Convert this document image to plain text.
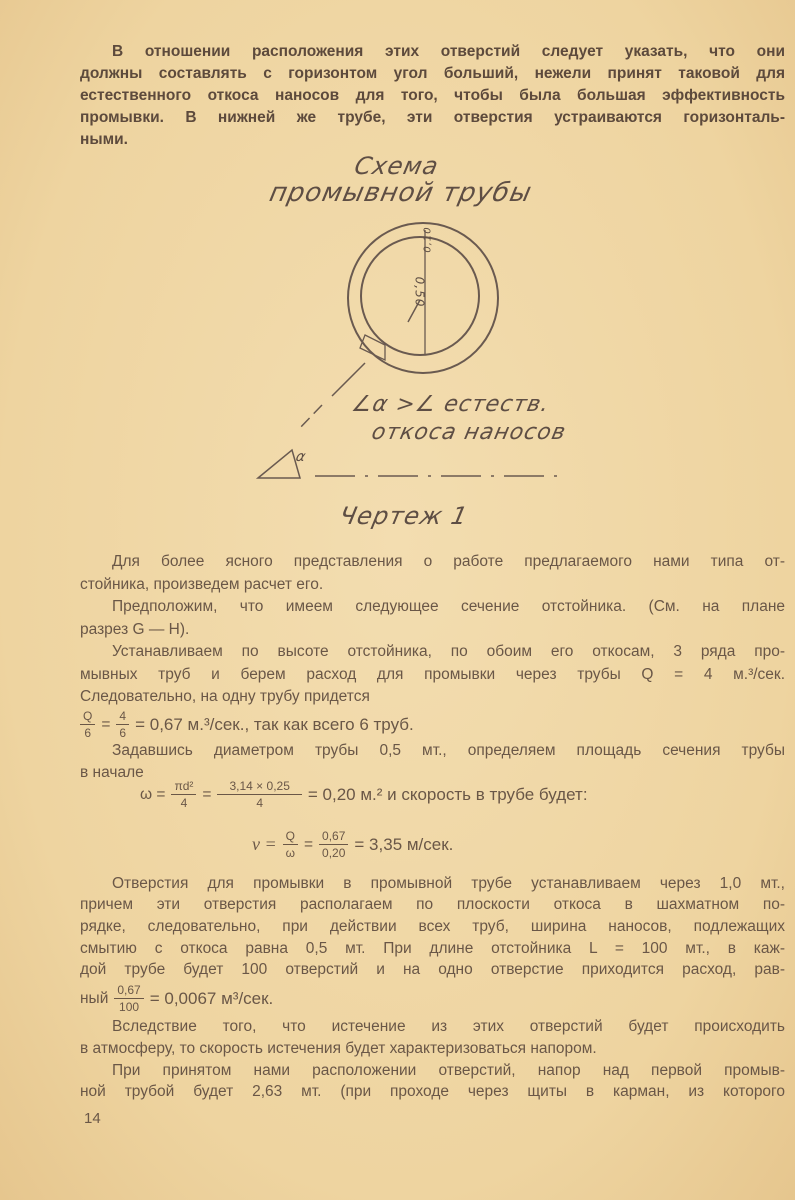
В отношении расположения этих отверстий следует указать, что они
должны составлять с горизонтом угол больший, нежели принят таковой для
естественного откоса наносов для того, чтобы была большая эффективность
промывки. В нижней же трубе, эти отверстия устраиваются горизонталь-
ными.
Схема
промывной трубы
0,10
0,50
∠α >∠ естеств.
откоса наносов
α
Чертеж 1
Для более ясного представления о работе предлагаемого нами типа от-
стойника, произведем расчет его.
Предположим, что имеем следующее сечение отстойника. (См. на плане
разрез G — H).
Устанавливаем по высоте отстойника, по обоим его откосам, 3 ряда про-
мывных труб и берем расход для промывки через трубы Q = 4 м.³/сек.
Следовательно, на одну трубу придется
$\frac{Q}{6} = \frac{4}{6} = 0,67$ м.³/сек., так как всего 6 труб.
Задавшись диаметром трубы 0,5 мт., определяем площадь сечения трубы
в начале
$\omega = \frac{\text{πd²}}{4} = \frac{3,14 \times 0,25}{4} = 0,20$ м.² и скорость в трубе будет:
$v = \frac{Q}{\omega} = \frac{0,67}{0,20} = 3,35$ м/сек.
Отверстия для промывки в промывной трубе устанавливаем через 1,0 мт.,
причем эти отверстия располагаем по плоскости откоса в шахматном по-
рядке, следовательно, при действии всех труб, ширина наносов, подлежащих
смытию с откоса равна 0,5 мт. При длине отстойника L = 100 мт., в каж-
дой трубе будет 100 отверстий и на одно отверстие приходится расход, рав-
ный $\frac{0,67}{100} = 0,0067$ м³/сек.
Вследствие того, что истечение из этих отверстий будет происходить
в атмосферу, то скорость истечения будет характеризоваться напором.
При принятом нами расположении отверстий, напор над первой промыв-
ной трубой будет 2,63 мт. (при проходе через щиты в карман, из которого
14
